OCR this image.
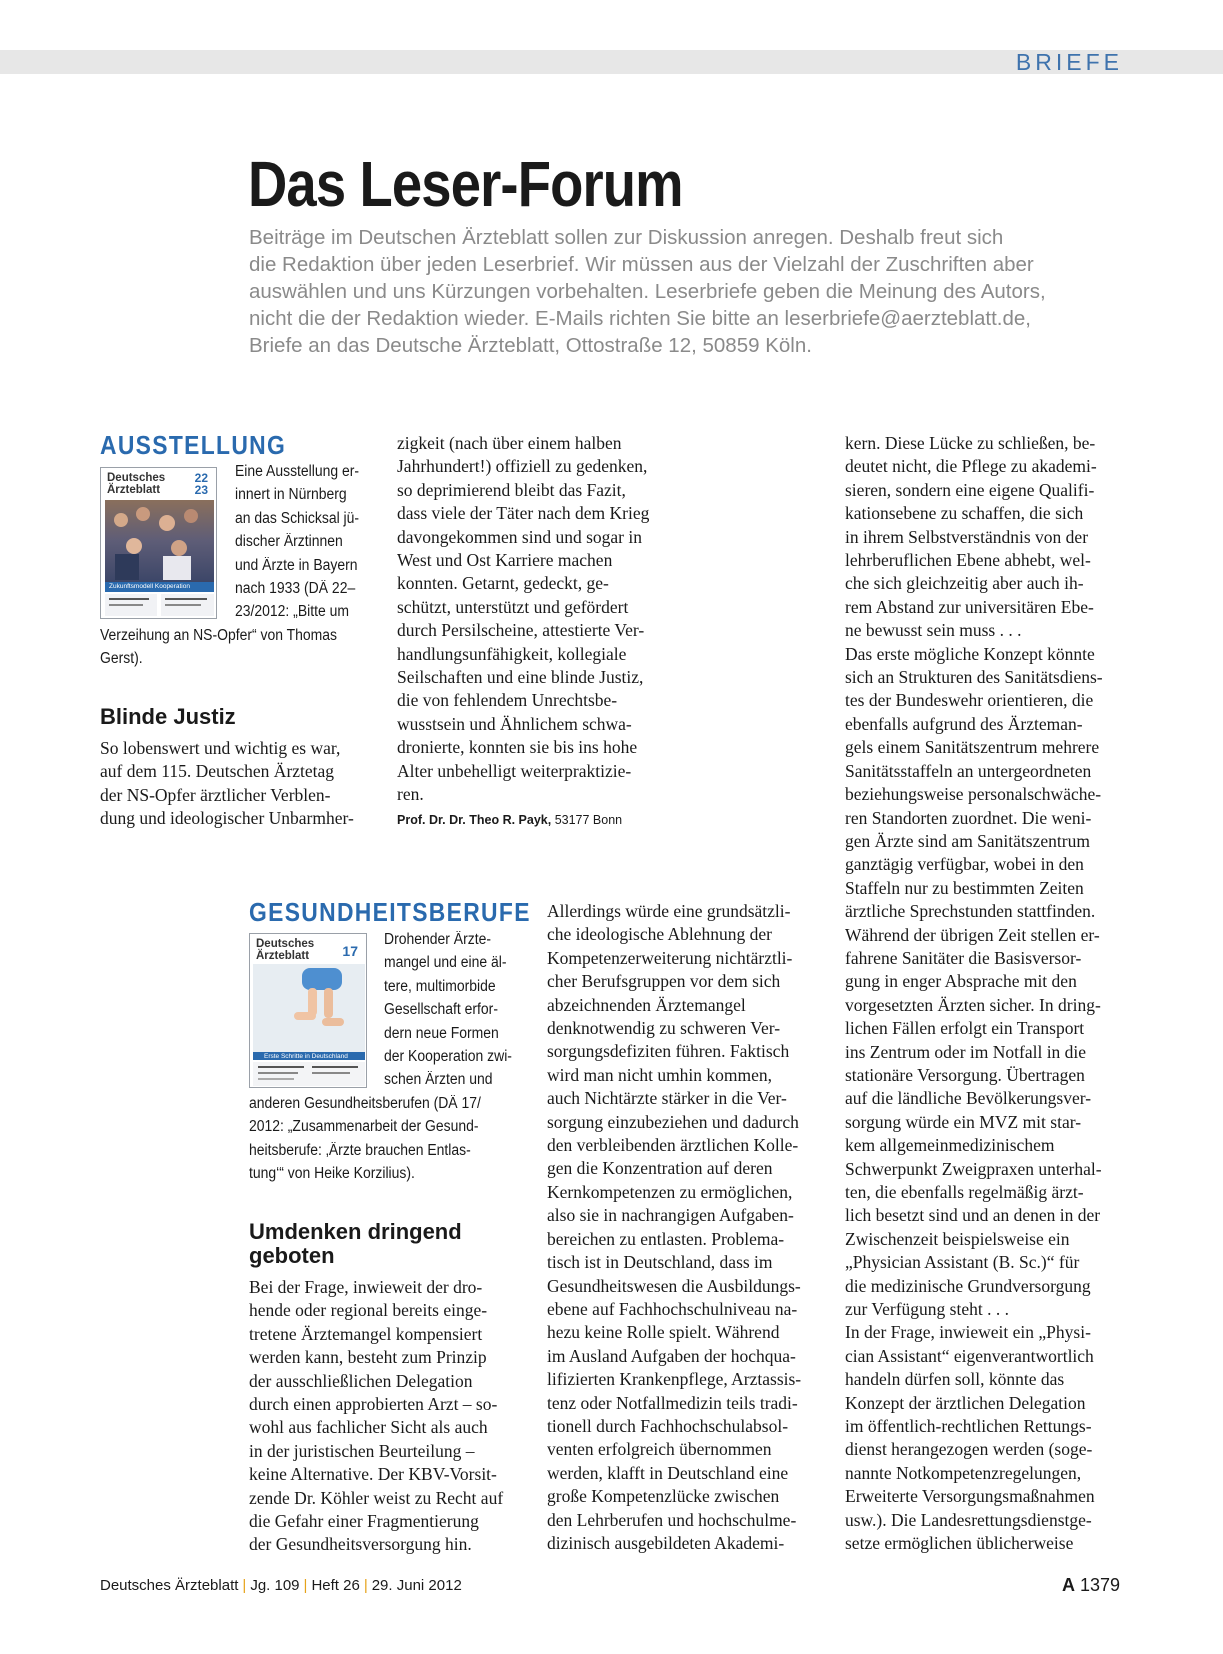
BRIEFE
Das Leser-Forum

Beiträge im Deutschen Ärzteblatt sollen zur Diskussion anregen. Deshalb freut sich

die Redaktion über jeden Leserbrief. Wir müssen aus der Vielzahl der Zuschriften aber

auswählen und uns Kürzungen vorbehalten. Leserbriefe geben die Meinung des Autors,

nicht die der Redaktion wieder. E-Mails richten Sie bitte an leserbriefe@aerzteblatt.de,

Briefe an das Deutsche Ärzteblatt, Ottostraße 12, 50859 Köln.

AUSSTELLUNG
Deutsches
Ärzteblatt
22
23
Zukunftsmodell Kooperation

Eine Ausstellung er-

innert in Nürnberg

an das Schicksal jü-

discher Ärztinnen

und Ärzte in Bayern

nach 1933 (DÄ 22–

23/2012: „Bitte um

Verzeihung an NS-Opfer“ von Thomas

Gerst).

Blinde Justiz

So lobenswert und wichtig es war,

auf dem 115. Deutschen Ärztetag

der NS-Opfer ärztlicher Verblen-

dung und ideologischer Unbarmher-

zigkeit (nach über einem halben

Jahrhundert!) offiziell zu gedenken,

so deprimierend bleibt das Fazit,

dass viele der Täter nach dem Krieg

davongekommen sind und sogar in

West und Ost Karriere machen

konnten. Getarnt, gedeckt, ge-

schützt, unterstützt und gefördert

durch Persilscheine, attestierte Ver-

handlungsunfähigkeit, kollegiale

Seilschaften und eine blinde Justiz,

die von fehlendem Unrechtsbe-

wusstsein und Ähnlichem schwa-

dronierte, konnten sie bis ins hohe

Alter unbehelligt weiterpraktizie-

ren.

Prof. Dr. Dr. Theo R. Payk, 53177 Bonn
GESUNDHEITSBERUFE
Deutsches
Ärzteblatt	17
Erste Schritte in Deutschland

Drohender Ärzte-

mangel und eine äl-

tere, multimorbide

Gesellschaft erfor-

dern neue Formen

der Kooperation zwi-

schen Ärzten und

anderen Gesundheitsberufen (DÄ 17/

2012: „Zusammenarbeit der Gesund-

heitsberufe: ‚Ärzte brauchen Entlas-

tung‘“ von Heike Korzilius).

Umdenken dringend
geboten

Bei der Frage, inwieweit der dro-

hende oder regional bereits einge-

tretene Ärztemangel kompensiert

werden kann, besteht zum Prinzip

der ausschließlichen Delegation

durch einen approbierten Arzt – so-

wohl aus fachlicher Sicht als auch

in der juristischen Beurteilung –

keine Alternative. Der KBV-Vorsit-

zende Dr. Köhler weist zu Recht auf

die Gefahr einer Fragmentierung

der Gesundheitsversorgung hin.

Allerdings würde eine grundsätzli-

che ideologische Ablehnung der

Kompetenzerweiterung nichtärztli-

cher Berufsgruppen vor dem sich

abzeichnenden Ärztemangel

denknotwendig zu schweren Ver-

sorgungsdefiziten führen. Faktisch

wird man nicht umhin kommen,

auch Nichtärzte stärker in die Ver-

sorgung einzubeziehen und dadurch

den verbleibenden ärztlichen Kolle-

gen die Konzentration auf deren

Kernkompetenzen zu ermöglichen,

also sie in nachrangigen Aufgaben-

bereichen zu entlasten. Problema-

tisch ist in Deutschland, dass im

Gesundheitswesen die Ausbildungs-

ebene auf Fachhochschulniveau na-

hezu keine Rolle spielt. Während

im Ausland Aufgaben der hochqua-

lifizierten Krankenpflege, Arztassis-

tenz oder Notfallmedizin teils tradi-

tionell durch Fachhochschulabsol-

venten erfolgreich übernommen

werden, klafft in Deutschland eine

große Kompetenzlücke zwischen

den Lehrberufen und hochschulme-

dizinisch ausgebildeten Akademi-

kern. Diese Lücke zu schließen, be-

deutet nicht, die Pflege zu akademi-

sieren, sondern eine eigene Qualifi-

kationsebene zu schaffen, die sich

in ihrem Selbstverständnis von der

lehrberuflichen Ebene abhebt, wel-

che sich gleichzeitig aber auch ih-

rem Abstand zur universitären Ebe-

ne bewusst sein muss . . .

Das erste mögliche Konzept könnte

sich an Strukturen des Sanitätsdiens-

tes der Bundeswehr orientieren, die

ebenfalls aufgrund des Ärzteman-

gels einem Sanitätszentrum mehrere

Sanitätsstaffeln an untergeordneten

beziehungsweise personalschwäche-

ren Standorten zuordnet. Die weni-

gen Ärzte sind am Sanitätszentrum

ganztägig verfügbar, wobei in den

Staffeln nur zu bestimmten Zeiten

ärztliche Sprechstunden stattfinden.

Während der übrigen Zeit stellen er-

fahrene Sanitäter die Basisversor-

gung in enger Absprache mit den

vorgesetzten Ärzten sicher. In dring-

lichen Fällen erfolgt ein Transport

ins Zentrum oder im Notfall in die

stationäre Versorgung. Übertragen

auf die ländliche Bevölkerungsver-

sorgung würde ein MVZ mit star-

kem allgemeinmedizinischem

Schwerpunkt Zweigpraxen unterhal-

ten, die ebenfalls regelmäßig ärzt-

lich besetzt sind und an denen in der

Zwischenzeit beispielsweise ein

„Physician Assistant (B. Sc.)“ für

die medizinische Grundversorgung

zur Verfügung steht . . .

In der Frage, inwieweit ein „Physi-

cian Assistant“ eigenverantwortlich

handeln dürfen soll, könnte das

Konzept der ärztlichen Delegation

im öffentlich-rechtlichen Rettungs-

dienst herangezogen werden (soge-

nannte Notkompetenzregelungen,

Erweiterte Versorgungsmaßnahmen

usw.). Die Landesrettungsdienstge-

setze ermöglichen üblicherweise

Deutsches Ärzteblatt | Jg. 109 | Heft 26 | 29. Juni 2012	A 1379
